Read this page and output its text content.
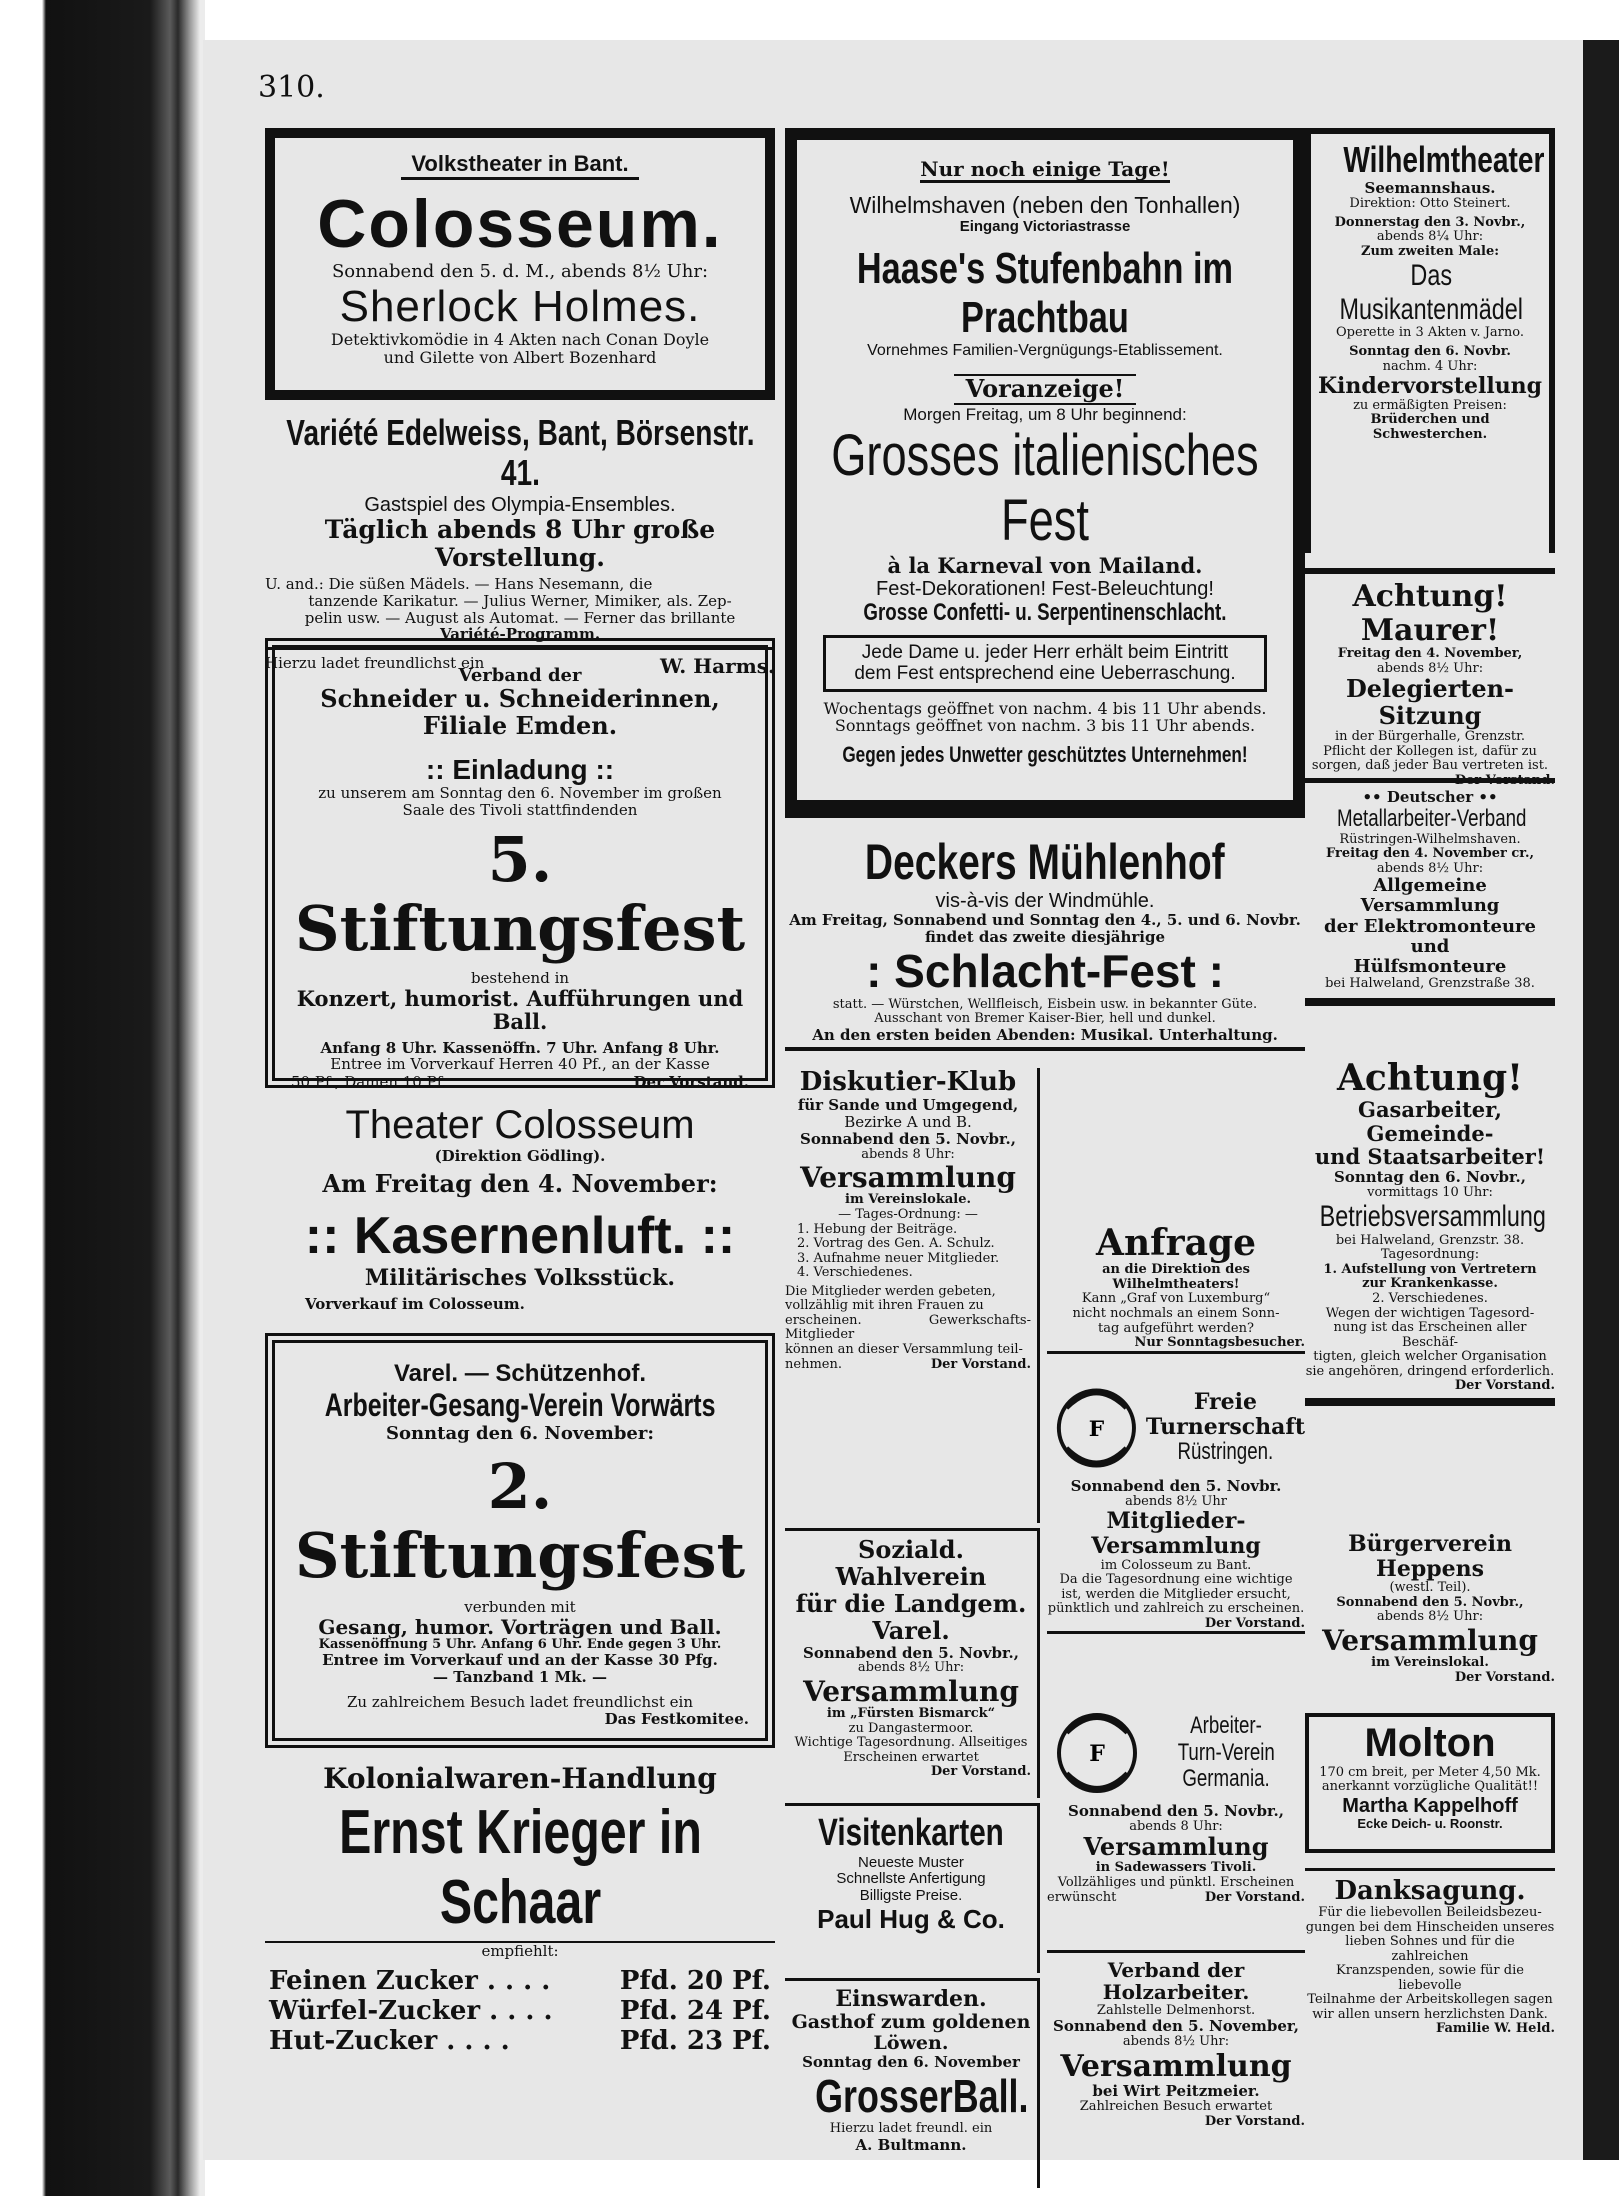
310.

Volkstheater in Bant.

Colosseum.

Sonnabend den 5. d. M., abends 8½ Uhr:

Sherlock Holmes.

Detektivkomödie in 4 Akten nach Conan Doyle

und Gilette von Albert Bozenhard

Variété Edelweiss, Bant, Börsenstr. 41.

Gastspiel des Olympia-Ensembles.

Täglich abends 8 Uhr große Vorstellung.

U. and.: Die süßen Mädels. — Hans Nesemann, die

tanzende Karikatur. — Julius Werner, Mimiker, als. Zep-

pelin usw. — August als Automat. — Ferner das brillante

Variété-Programm.

Hierzu ladet freundlichst ein	W. Harms.

Verband der

Schneider u. Schneiderinnen, Filiale Emden.

:: Einladung ::

zu unserem am Sonntag den 6. November im großen

Saale des Tivoli stattfindenden

5. Stiftungsfest

bestehend in

Konzert, humorist. Aufführungen und Ball.

Anfang 8 Uhr. Kassenöffn. 7 Uhr. Anfang 8 Uhr.

Entree im Vorverkauf Herren 40 Pf., an der Kasse

50 Pf., Damen 10 Pf.	Der Vorstand.

Theater Colosseum

(Direktion Gödling).

Am Freitag den 4. November:

:: Kasernenluft. ::

Militärisches Volksstück.

Vorverkauf im Colosseum.

Varel. — Schützenhof.

Arbeiter-Gesang-Verein Vorwärts

Sonntag den 6. November:

2. Stiftungsfest

verbunden mit

Gesang, humor. Vorträgen und Ball.

Kassenöffnung 5 Uhr. Anfang 6 Uhr. Ende gegen 3 Uhr.

Entree im Vorverkauf und an der Kasse 30 Pfg.

— Tanzband 1 Mk. —

Zu zahlreichem Besuch ladet freundlichst ein

Das Festkomitee.

Kolonialwaren-Handlung

Ernst Krieger in Schaar

empfiehlt:

Feinen Zucker . . . .	Pfd. 20 Pf.
Würfel-Zucker . . . .	Pfd. 24 Pf.
Hut-Zucker . . . .	Pfd. 23 Pf.

Nur noch einige Tage!

Wilhelmshaven (neben den Tonhallen)

Eingang Victoriastrasse

Haase's Stufenbahn im Prachtbau

Vornehmes Familien-Vergnügungs-Etablissement.

Voranzeige!

Morgen Freitag, um 8 Uhr beginnend:

Grosses italienisches Fest

à la Karneval von Mailand.

Fest-Dekorationen! Fest-Beleuchtung!

Grosse Confetti- u. Serpentinenschlacht.

Jede Dame u. jeder Herr erhält beim Eintritt

dem Fest entsprechend eine Ueberraschung.

Wochentags geöffnet von nachm. 4 bis 11 Uhr abends.

Sonntags geöffnet von nachm. 3 bis 11 Uhr abends.

Gegen jedes Unwetter geschütztes Unternehmen!

Deckers Mühlenhof

vis-à-vis der Windmühle.

Am Freitag, Sonnabend und Sonntag den 4., 5. und 6. Novbr.

findet das zweite diesjährige

: Schlacht-Fest :

statt. — Würstchen, Wellfleisch, Eisbein usw. in bekannter Güte.

Ausschant von Bremer Kaiser-Bier, hell und dunkel.

An den ersten beiden Abenden: Musikal. Unterhaltung.

Diskutier-Klub

für Sande und Umgegend,

Bezirke A und B.

Sonnabend den 5. Novbr.,

abends 8 Uhr:

Versammlung

im Vereinslokale.

— Tages-Ordnung: —

1. Hebung der Beiträge.

2. Vortrag des Gen. A. Schulz.

3. Aufnahme neuer Mitglieder.

4. Verschiedenes.

Die Mitglieder werden gebeten,

vollzählig mit ihren Frauen zu

erscheinen. Gewerkschafts-Mitglieder

können an dieser Versammlung teil-

nehmen.	Der Vorstand.

Anfrage

an die Direktion des Wilhelmtheaters!

Kann „Graf von Luxemburg“

nicht nochmals an einem Sonn-

tag aufgeführt werden?

Nur Sonntagsbesucher.

F

Freie

Turnerschaft

Rüstringen.

Sonnabend den 5. Novbr.

abends 8½ Uhr

Mitglieder-Versammlung

im Colosseum zu Bant.

Da die Tagesordnung eine wichtige

ist, werden die Mitglieder ersucht,

pünktlich und zahlreich zu erscheinen.

Der Vorstand.

Soziald. Wahlverein

für die Landgem. Varel.

Sonnabend den 5. Novbr.,

abends 8½ Uhr:

Versammlung

im „Fürsten Bismarck“

zu Dangastermoor.

Wichtige Tagesordnung. Allseitiges

Erscheinen erwartet

Der Vorstand.

F

Arbeiter-

Turn-Verein

Germania.

Sonnabend den 5. Novbr.,

abends 8 Uhr:

Versammlung

in Sadewassers Tivoli.

Vollzähliges und pünktl. Erscheinen

erwünscht	Der Vorstand.

Visitenkarten

Neueste Muster

Schnellste Anfertigung

Billigste Preise.

Paul Hug & Co.

Verband der Holzarbeiter.

Zahlstelle Delmenhorst.

Sonnabend den 5. November,

abends 8½ Uhr:

Versammlung

bei Wirt Peitzmeier.

Zahlreichen Besuch erwartet

Der Vorstand.

Einswarden.

Gasthof zum goldenen Löwen.

Sonntag den 6. November

GrosserBall.

Hierzu ladet freundl. ein

A. Bultmann.

Wilhelmtheater

Seemannshaus.

Direktion: Otto Steinert.

Donnerstag den 3. Novbr.,

abends 8¼ Uhr:

Zum zweiten Male:

Das Musikantenmädel

Operette in 3 Akten v. Jarno.

Sonntag den 6. Novbr.

nachm. 4 Uhr:

Kindervorstellung

zu ermäßigten Preisen:

Brüderchen und Schwesterchen.

Achtung! Maurer!

Freitag den 4. November,

abends 8½ Uhr:

Delegierten-Sitzung

in der Bürgerhalle, Grenzstr.

Pflicht der Kollegen ist, dafür zu

sorgen, daß jeder Bau vertreten ist.

Der Vorstand.

•• Deutscher ••

Metallarbeiter-Verband

Rüstringen-Wilhelmshaven.

Freitag den 4. November cr.,

abends 8½ Uhr:

Allgemeine Versammlung

der Elektromonteure und

Hülfsmonteure

bei Halweland, Grenzstraße 38.

Achtung!

Gasarbeiter, Gemeinde-

und Staatsarbeiter!

Sonntag den 6. Novbr.,

vormittags 10 Uhr:

Betriebsversammlung

bei Halweland, Grenzstr. 38.

Tagesordnung:

1. Aufstellung von Vertretern

zur Krankenkasse.

2. Verschiedenes.

Wegen der wichtigen Tagesord-

nung ist das Erscheinen aller Beschäf-

tigten, gleich welcher Organisation

sie angehören, dringend erforderlich.

Der Vorstand.

Bürgerverein Heppens

(westl. Teil).

Sonnabend den 5. Novbr.,

abends 8½ Uhr:

Versammlung

im Vereinslokal.

Der Vorstand.

Molton

170 cm breit, per Meter 4,50 Mk.

anerkannt vorzügliche Qualität!!

Martha Kappelhoff

Ecke Deich- u. Roonstr.

Danksagung.

Für die liebevollen Beileidsbezeu-

gungen bei dem Hinscheiden unseres

lieben Sohnes und für die zahlreichen

Kranzspenden, sowie für die liebevolle

Teilnahme der Arbeitskollegen sagen

wir allen unsern herzlichsten Dank.

Familie W. Held.
